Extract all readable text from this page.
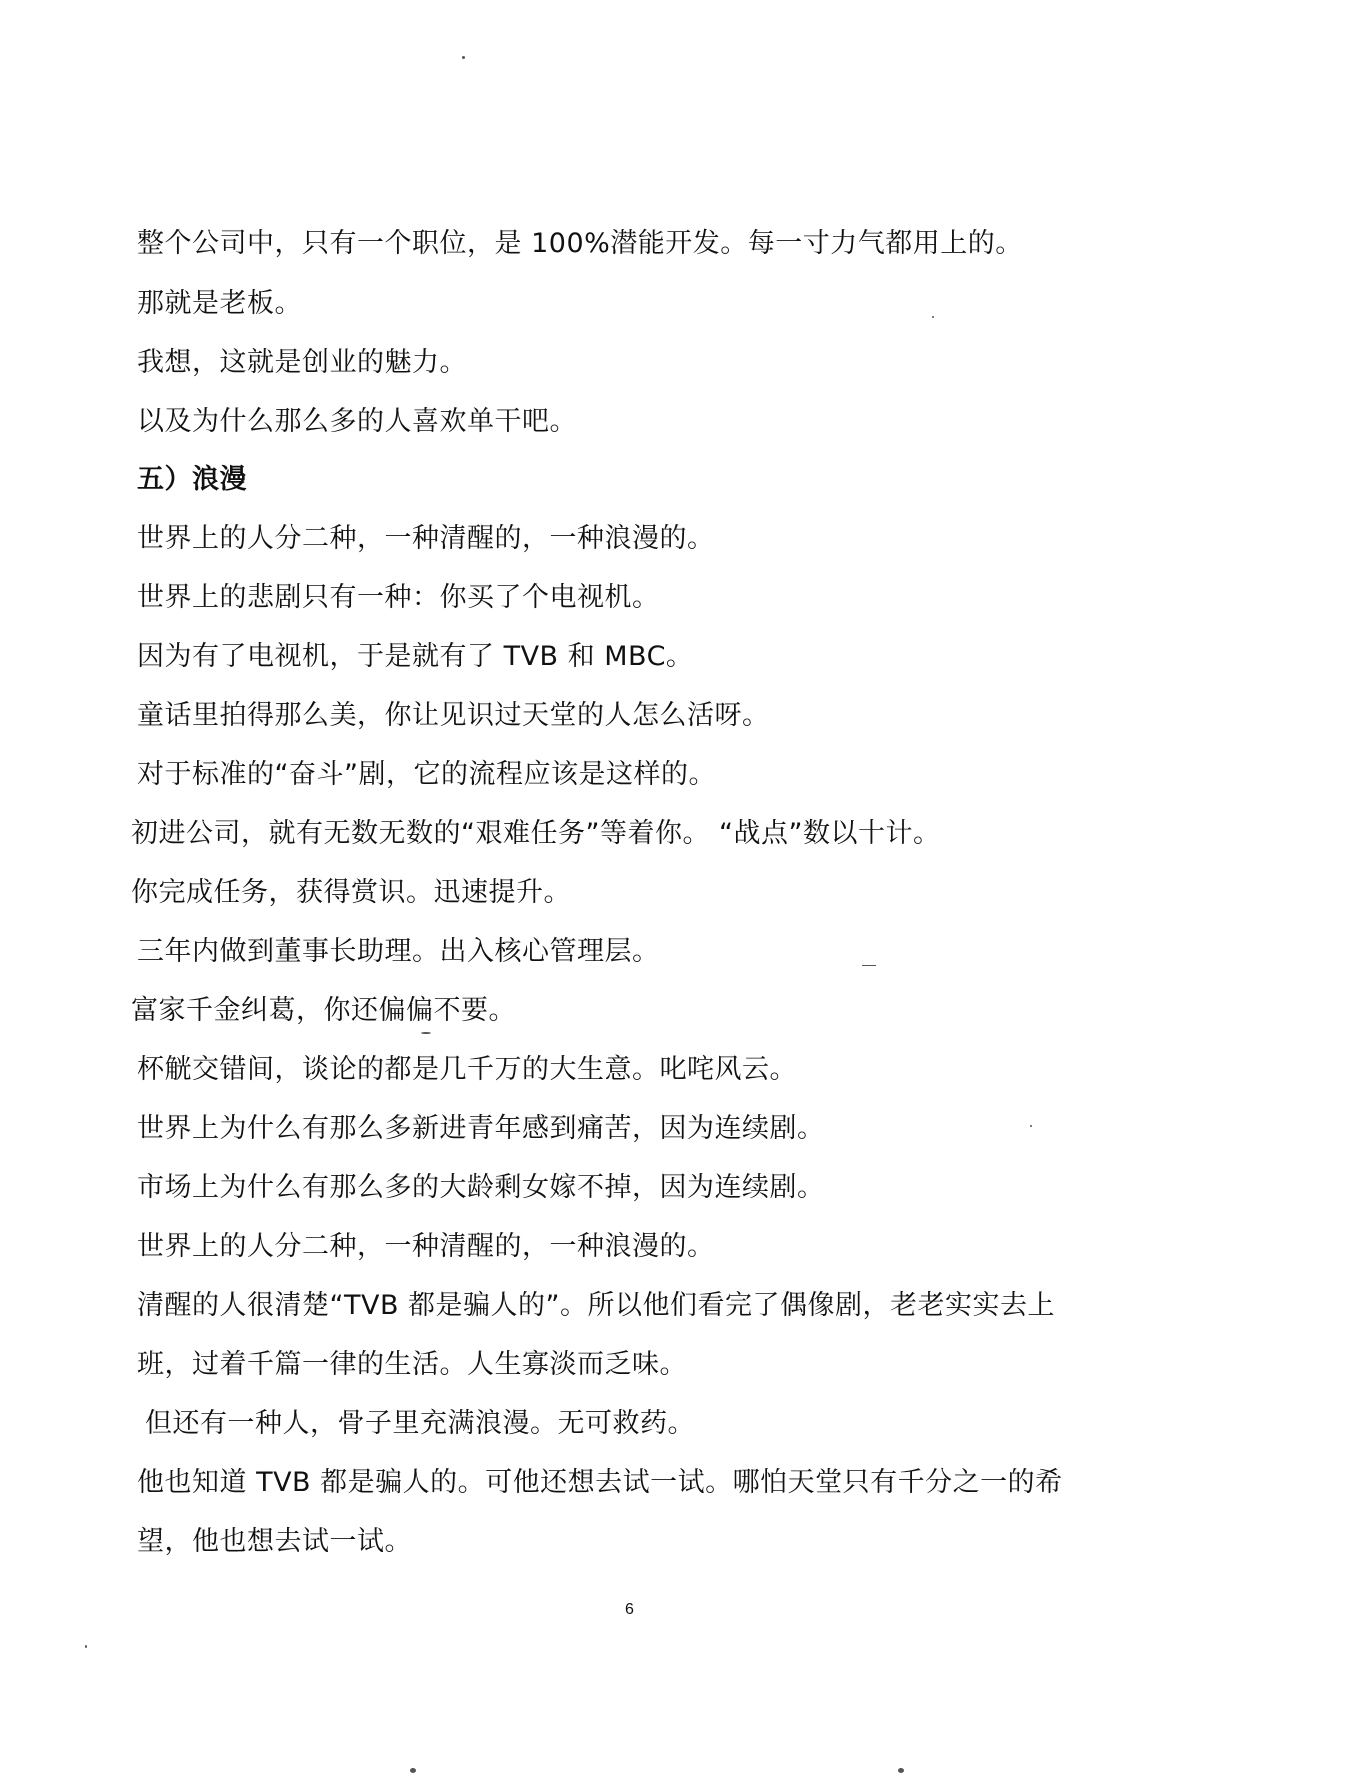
整个公司中，只有一个职位，是 100%潜能开发。每一寸力气都用上的。
那就是老板。
我想，这就是创业的魅力。
以及为什么那么多的人喜欢单干吧。
五）浪漫
世界上的人分二种，一种清醒的，一种浪漫的。
世界上的悲剧只有一种：你买了个电视机。
因为有了电视机，于是就有了 TVB 和 MBC。
童话里拍得那么美，你让见识过天堂的人怎么活呀。
对于标准的“奋斗”剧，它的流程应该是这样的。
初进公司，就有无数无数的“艰难任务”等着你。 “战点”数以十计。
你完成任务，获得赏识。迅速提升。
三年内做到董事长助理。出入核心管理层。
富家千金纠葛，你还偏偏不要。
杯觥交错间，谈论的都是几千万的大生意。叱咤风云。
世界上为什么有那么多新进青年感到痛苦，因为连续剧。
市场上为什么有那么多的大龄剩女嫁不掉，因为连续剧。
世界上的人分二种，一种清醒的，一种浪漫的。
清醒的人很清楚“TVB 都是骗人的”。所以他们看完了偶像剧，老老实实去上
班，过着千篇一律的生活。人生寡淡而乏味。
但还有一种人，骨子里充满浪漫。无可救药。
他也知道 TVB 都是骗人的。可他还想去试一试。哪怕天堂只有千分之一的希
望，他也想去试一试。
6
